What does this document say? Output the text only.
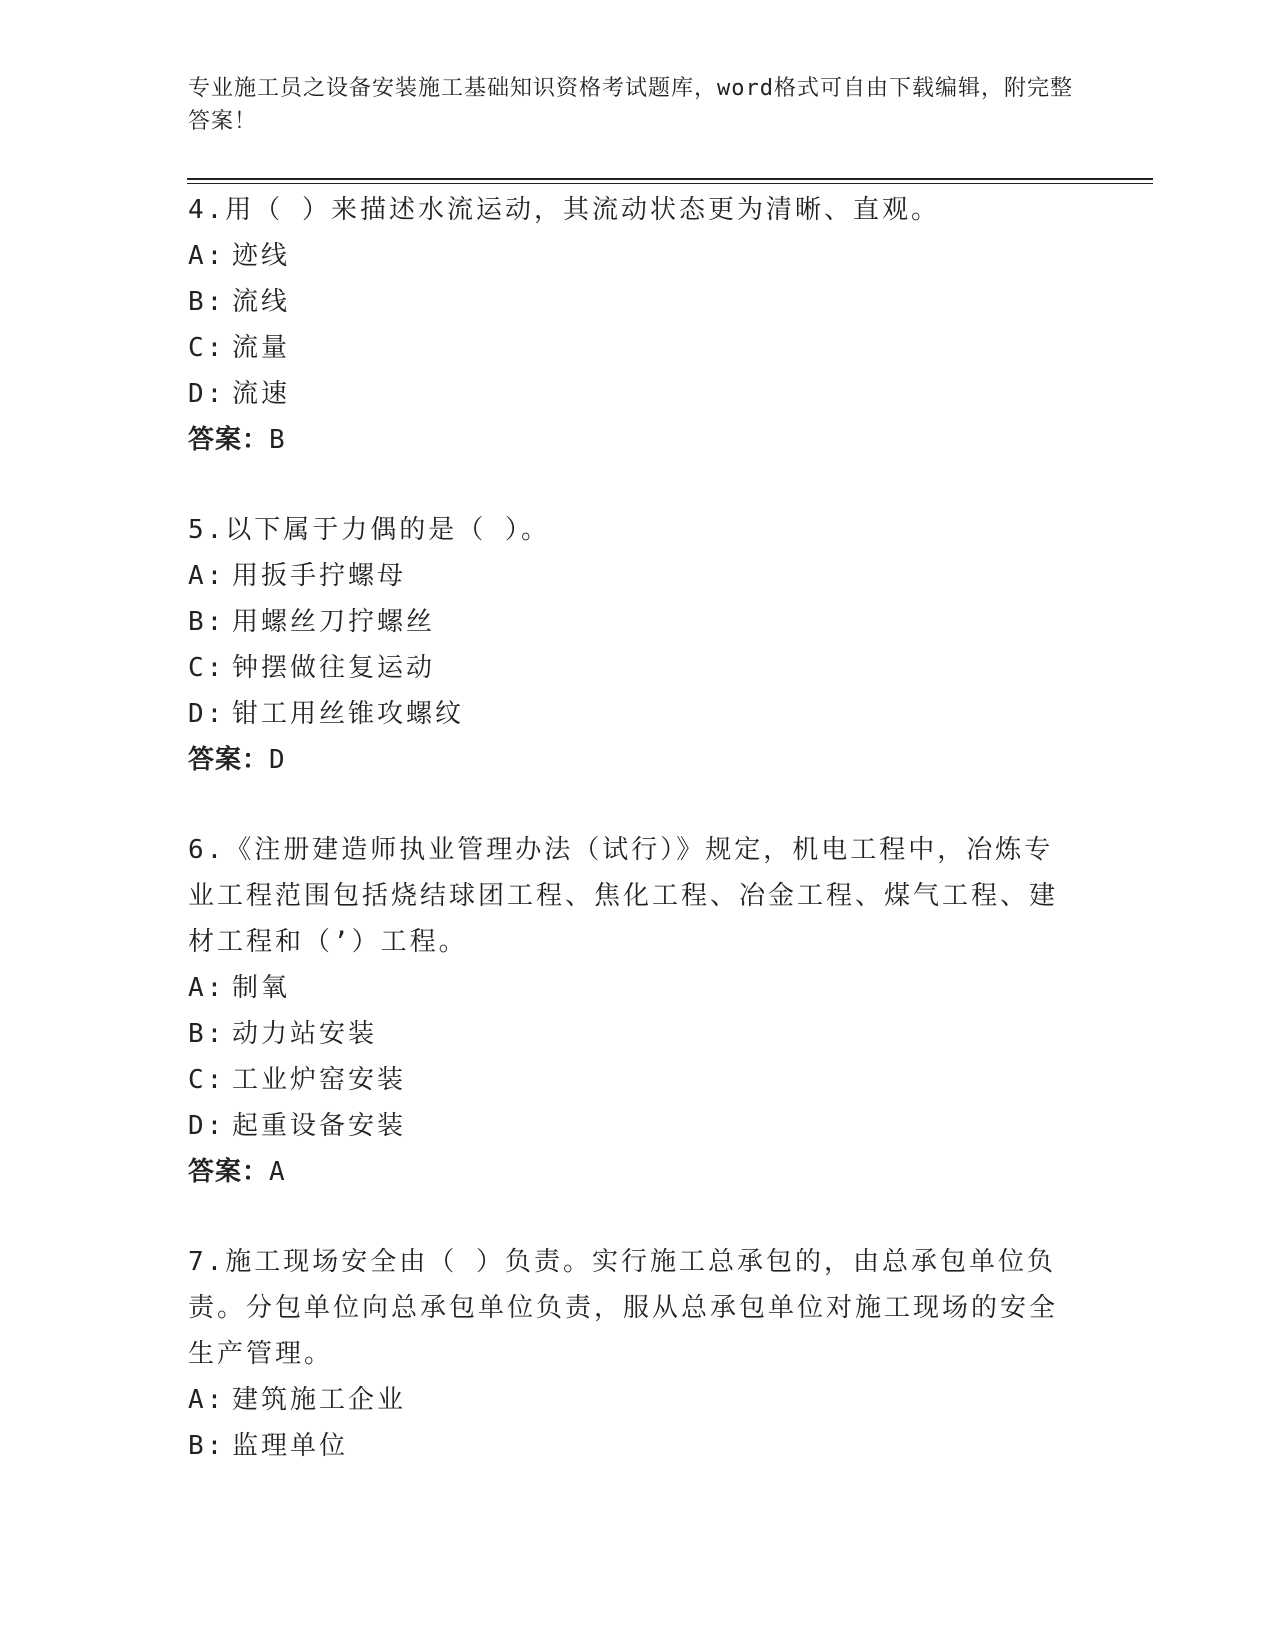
专业施工员之设备安装施工基础知识资格考试题库，word格式可自由下载编辑，附完整答案！

4.用（ ）来描述水流运动，其流动状态更为清晰、直观。

A: 迹线

B: 流线

C: 流量

D: 流速

答案：B

5.以下属于力偶的是（ ）。

A: 用扳手拧螺母

B: 用螺丝刀拧螺丝

C: 钟摆做往复运动

D: 钳工用丝锥攻螺纹

答案：D

6.《注册建造师执业管理办法（试行）》规定，机电工程中，冶炼专业工程范围包括烧结球团工程、焦化工程、冶金工程、煤气工程、建材工程和（’）工程。

A: 制氧

B: 动力站安装

C: 工业炉窑安装

D: 起重设备安装

答案：A

7.施工现场安全由（ ）负责。实行施工总承包的，由总承包单位负责。分包单位向总承包单位负责，服从总承包单位对施工现场的安全生产管理。

A: 建筑施工企业

B: 监理单位
